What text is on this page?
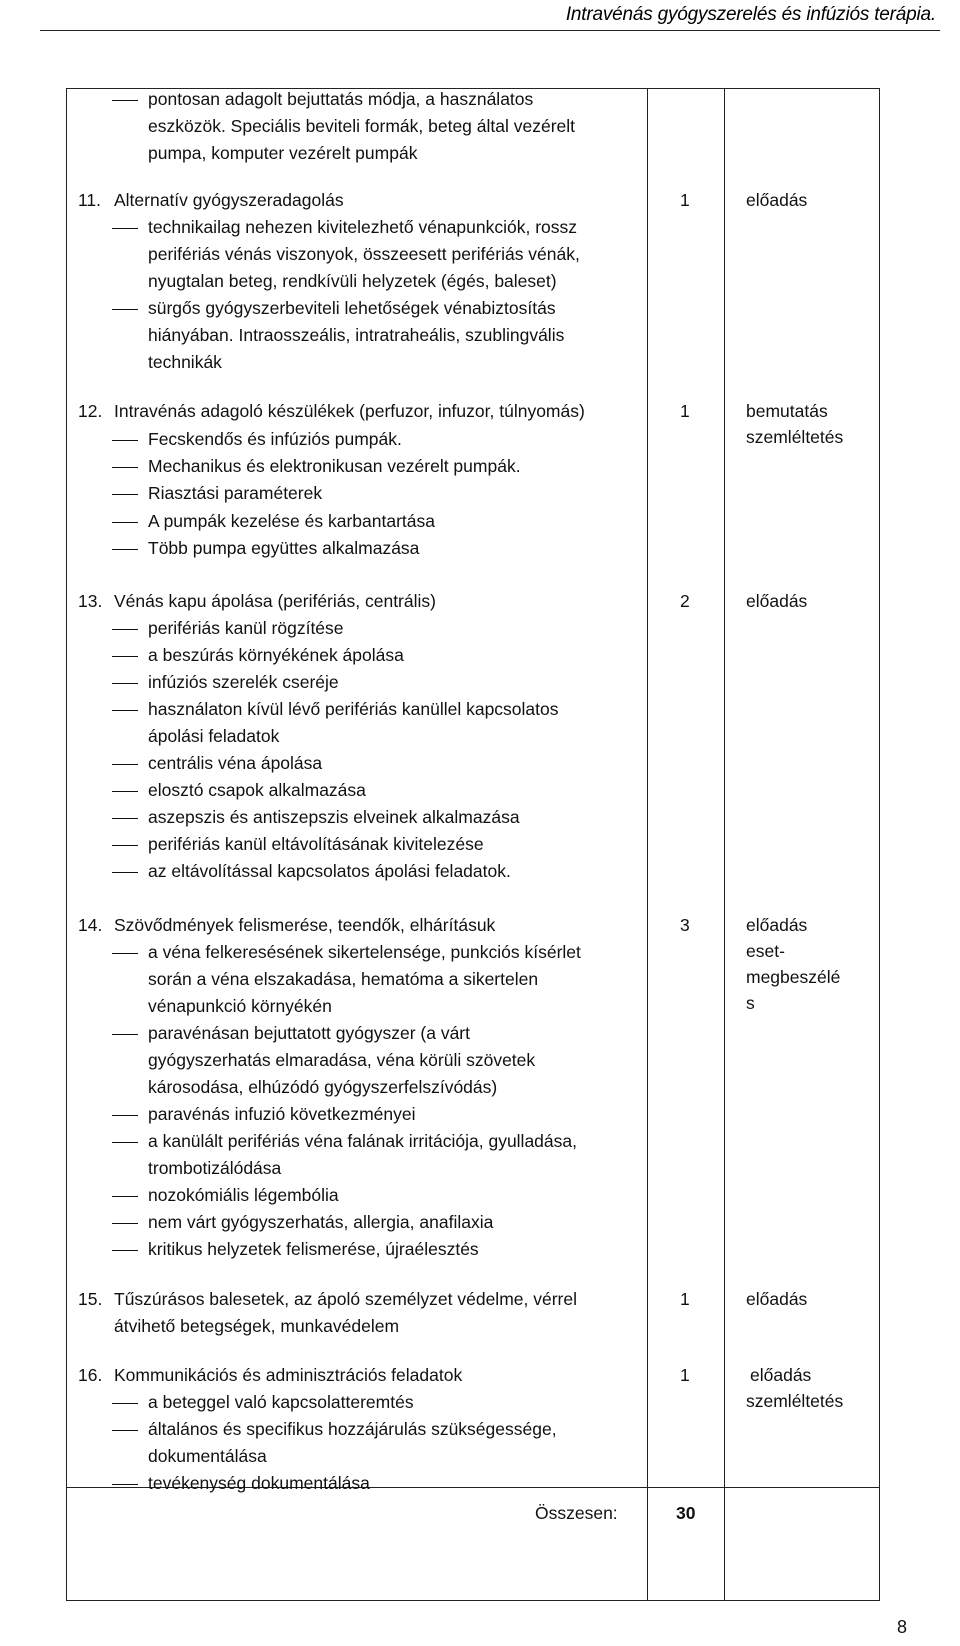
Intravénás gyógyszerelés és infúziós terápia.
pontosan adagolt bejuttatás módja, a használatos
eszközök. Speciális beviteli formák, beteg által vezérelt
pumpa, komputer vezérelt pumpák
11. Alternatív gyógyszeradagolás
technikailag nehezen kivitelezhető vénapunkciók, rossz
perifériás vénás viszonyok, összeesett perifériás vénák,
nyugtalan beteg, rendkívüli helyzetek (égés, baleset)
sürgős gyógyszerbeviteli lehetőségek vénabiztosítás
hiányában. Intraosszeális, intratraheális, szublingvális
technikák
1	előadás
12. Intravénás adagoló készülékek (perfuzor, infuzor, túlnyomás)
Fecskendős és infúziós pumpák.
Mechanikus és elektronikusan vezérelt pumpák.
Riasztási paraméterek
A pumpák kezelése és karbantartása
Több pumpa együttes alkalmazása
1	bemutatás
szemléltetés
13. Vénás kapu ápolása (perifériás, centrális)
perifériás kanül rögzítése
a beszúrás környékének ápolása
infúziós szerelék cseréje
használaton kívül lévő perifériás kanüllel kapcsolatos
ápolási feladatok
centrális véna ápolása
elosztó csapok alkalmazása
aszepszis és antiszepszis elveinek alkalmazása
perifériás kanül eltávolításának kivitelezése
az eltávolítással kapcsolatos ápolási feladatok.
2	előadás
14. Szövődmények felismerése, teendők, elhárításuk
a véna felkeresésének sikertelensége, punkciós kísérlet
során a véna elszakadása, hematóma a sikertelen
vénapunkció környékén
paravénásan bejuttatott gyógyszer (a várt
gyógyszerhatás elmaradása, véna körüli szövetek
károsodása, elhúzódó gyógyszerfelszívódás)
paravénás infuzió következményei
a kanülált perifériás véna falának irritációja, gyulladása,
trombotizálódása
nozokómiális légembólia
nem várt gyógyszerhatás, allergia, anafilaxia
kritikus helyzetek felismerése, újraélesztés
3	előadás
eset-
megbeszélé
s
15. Tűszúrásos balesetek, az ápoló személyzet védelme, vérrel
átvihető betegségek, munkavédelem
1	előadás
16. Kommunikációs és adminisztrációs feladatok
a beteggel való kapcsolatteremtés
általános és specifikus hozzájárulás szükségessége,
dokumentálása
tevékenység dokumentálása
1	előadás
szemléltetés
Összesen:	30
8
